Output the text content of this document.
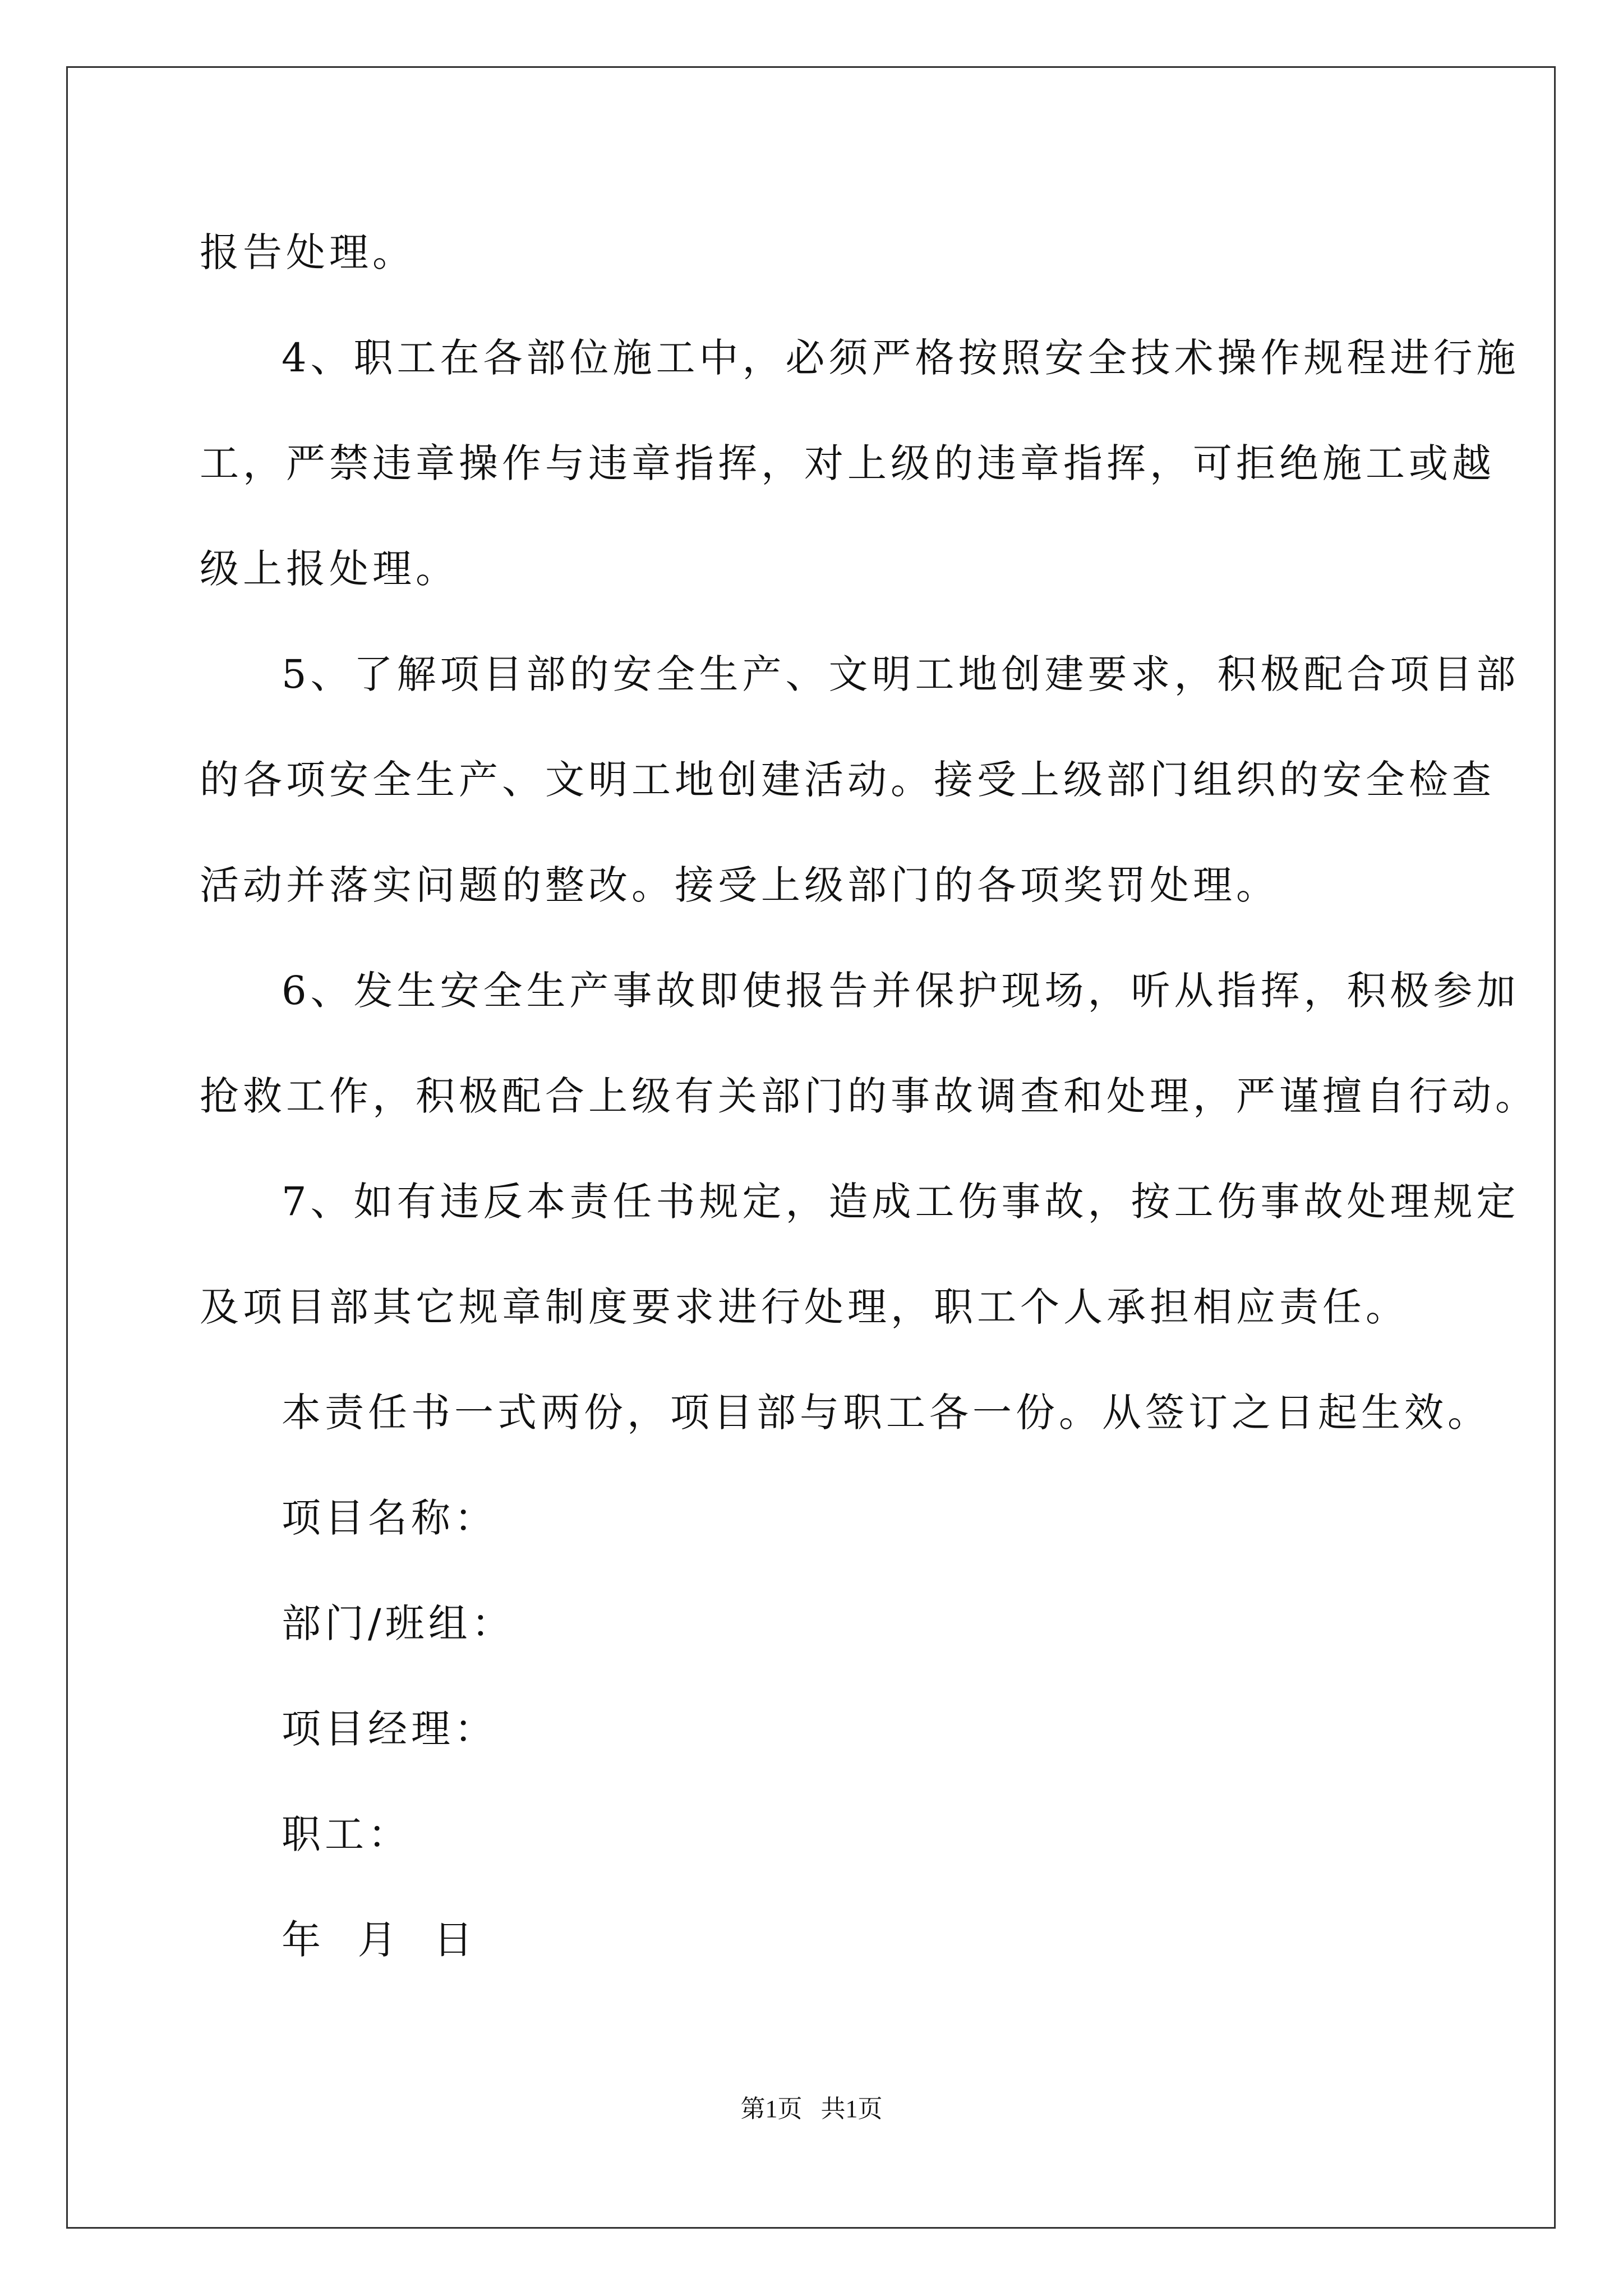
报告处理。
4、职工在各部位施工中，必须严格按照安全技术操作规程进行施
工，严禁违章操作与违章指挥，对上级的违章指挥，可拒绝施工或越
级上报处理。
5、了解项目部的安全生产、文明工地创建要求，积极配合项目部
的各项安全生产、文明工地创建活动。接受上级部门组织的安全检查
活动并落实问题的整改。接受上级部门的各项奖罚处理。
6、发生安全生产事故即使报告并保护现场，听从指挥，积极参加
抢救工作，积极配合上级有关部门的事故调查和处理，严谨擅自行动。
7、如有违反本责任书规定，造成工伤事故，按工伤事故处理规定
及项目部其它规章制度要求进行处理，职工个人承担相应责任。
本责任书一式两份，项目部与职工各一份。从签订之日起生效。
项目名称：
部门/班组：
项目经理：
职工：
年  月  日
第1页   共1页
